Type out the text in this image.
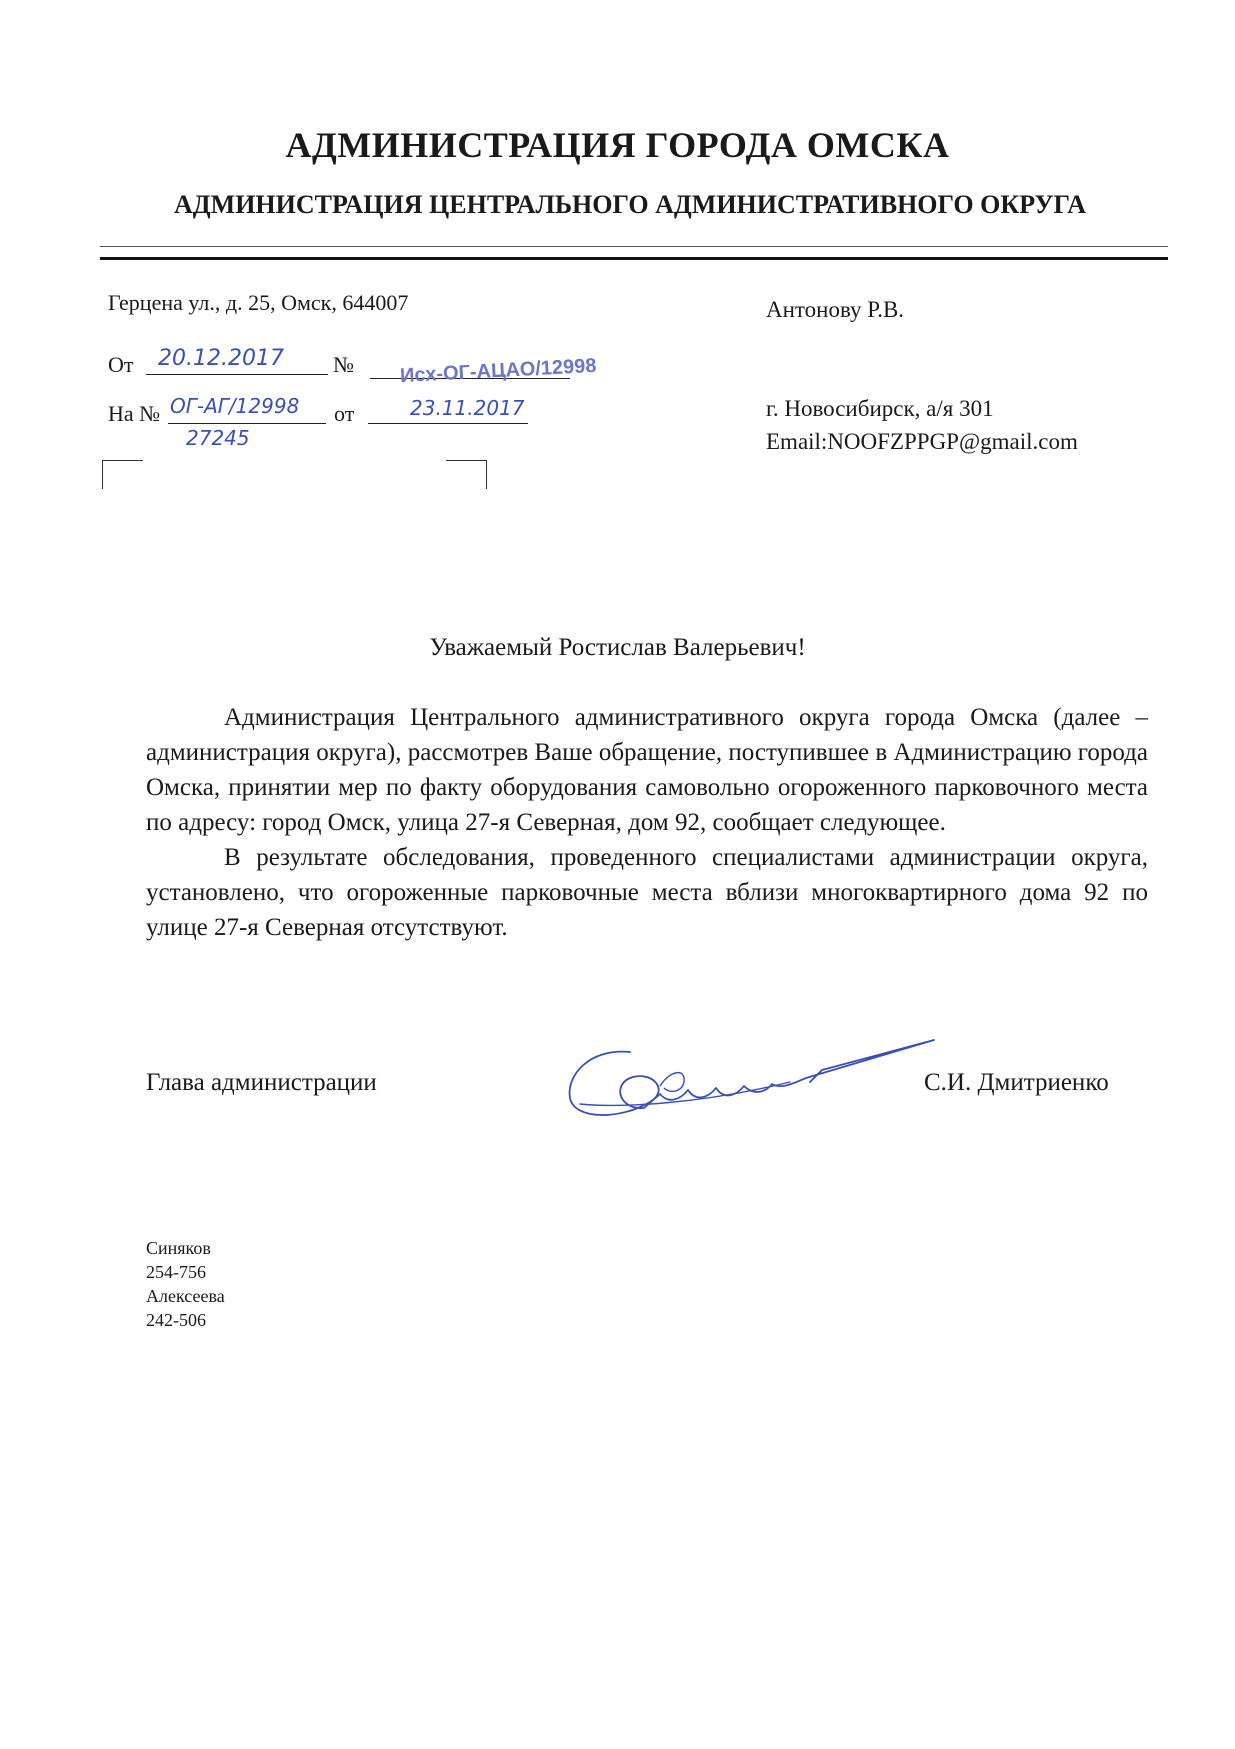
АДМИНИСТРАЦИЯ ГОРОДА ОМСКА
АДМИНИСТРАЦИЯ ЦЕНТРАЛЬНОГО АДМИНИСТРАТИВНОГО ОКРУГА
Герцена ул., д. 25, Омск, 644007
От 20.12.2017 № Исх-ОГ-АЦАО/12998
На № ОГ-АГ/12998 от	23.11.2017
27245
Антонову Р.В.
г. Новосибирск, а/я 301
Email:NOOFZPPGP@gmail.com
Уважаемый Ростислав Валерьевич!

Администрация Центрального административного округа города Омска (далее – администрация округа), рассмотрев Ваше обращение, поступившее в Администрацию города Омска, принятии мер по факту оборудования самовольно огороженного парковочного места по адресу: город Омск, улица 27-я Северная, дом 92, сообщает следующее.

В результате обследования, проведенного специалистами администрации округа, установлено, что огороженные парковочные места вблизи многоквартирного дома 92 по улице 27-я Северная отсутствуют.

Глава администрации	С.И. Дмитриенко
Синяков
254-756
Алексеева
242-506
